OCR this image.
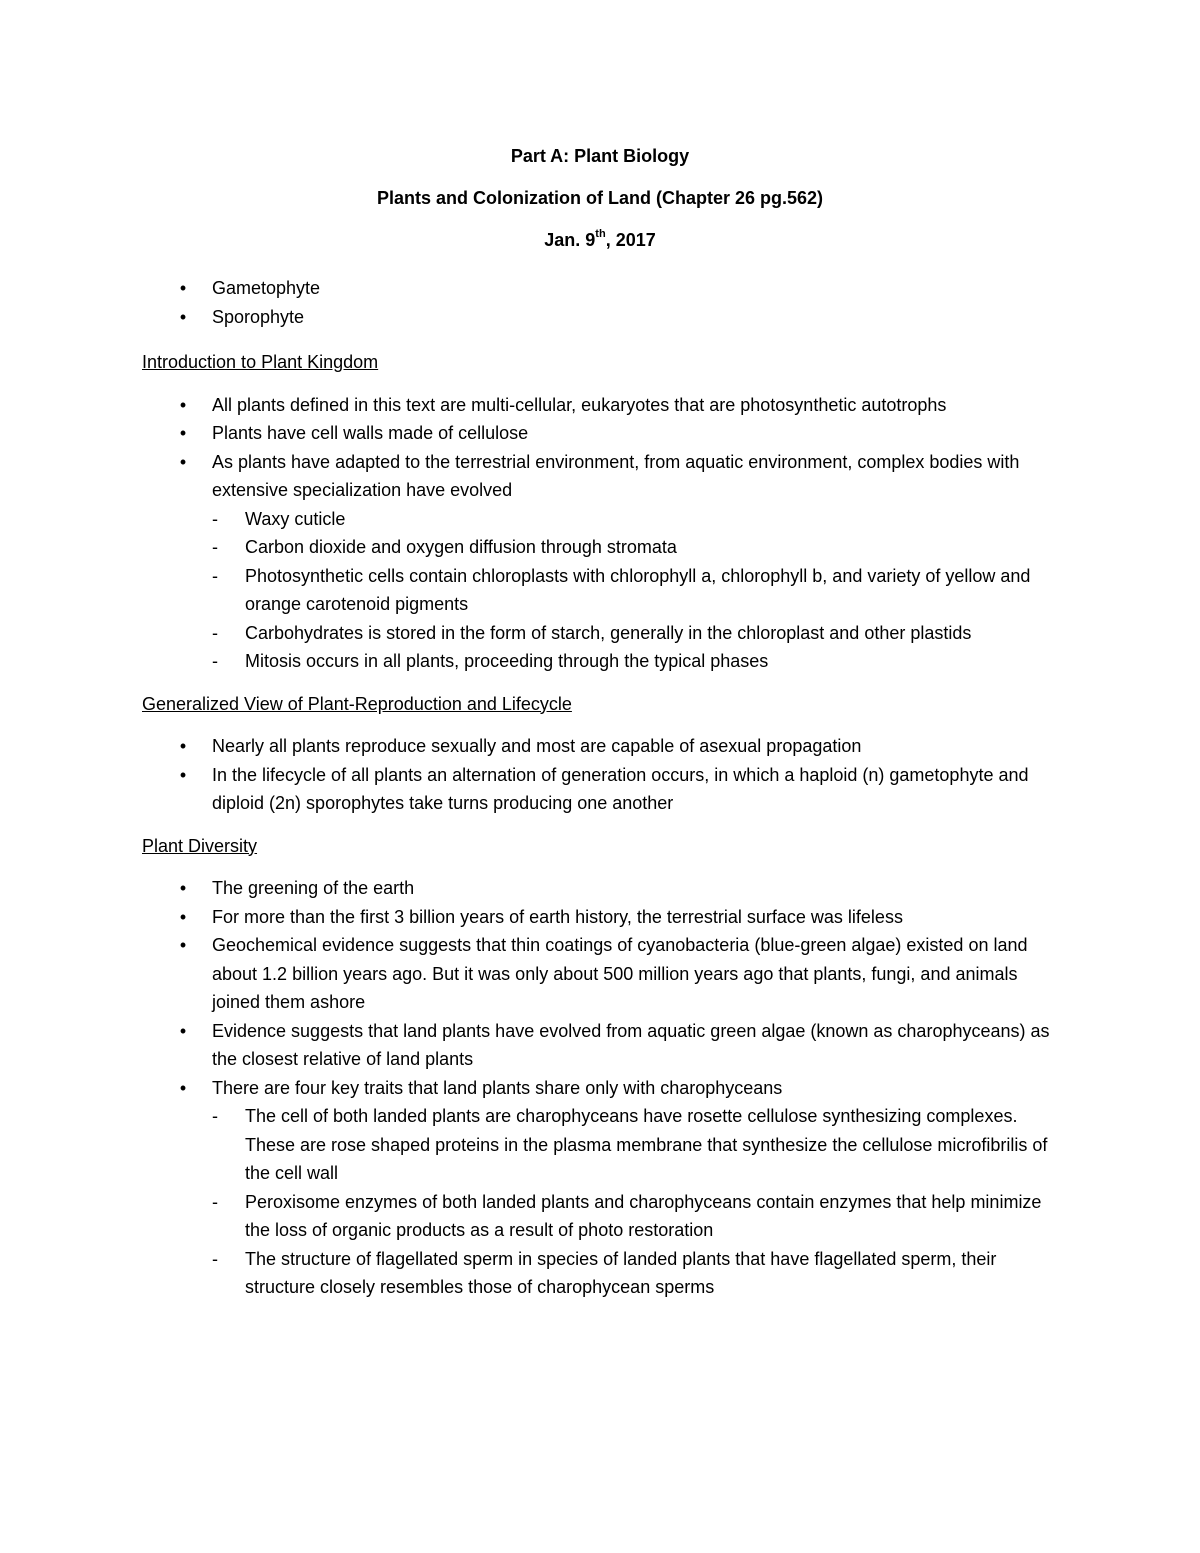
Part A: Plant Biology
Plants and Colonization of Land (Chapter 26 pg.562)
Jan. 9th, 2017
• Gametophyte
• Sporophyte
Introduction to Plant Kingdom
• All plants defined in this text are multi-cellular, eukaryotes that are photosynthetic autotrophs
• Plants have cell walls made of cellulose
• As plants have adapted to the terrestrial environment, from aquatic environment, complex bodies with extensive specialization have evolved
- Waxy cuticle
- Carbon dioxide and oxygen diffusion through stromata
- Photosynthetic cells contain chloroplasts with chlorophyll a, chlorophyll b, and variety of yellow and orange carotenoid pigments
- Carbohydrates is stored in the form of starch, generally in the chloroplast and other plastids
- Mitosis occurs in all plants, proceeding through the typical phases
Generalized View of Plant-Reproduction and Lifecycle
• Nearly all plants reproduce sexually and most are capable of asexual propagation
• In the lifecycle of all plants an alternation of generation occurs, in which a haploid (n) gametophyte and diploid (2n) sporophytes take turns producing one another
Plant Diversity
• The greening of the earth
• For more than the first 3 billion years of earth history, the terrestrial surface was lifeless
• Geochemical evidence suggests that thin coatings of cyanobacteria (blue-green algae) existed on land about 1.2 billion years ago. But it was only about 500 million years ago that plants, fungi, and animals joined them ashore
• Evidence suggests that land plants have evolved from aquatic green algae (known as charophyceans) as the closest relative of land plants
• There are four key traits that land plants share only with charophyceans
- The cell of both landed plants are charophyceans have rosette cellulose synthesizing complexes. These are rose shaped proteins in the plasma membrane that synthesize the cellulose microfibrilis of the cell wall
- Peroxisome enzymes of both landed plants and charophyceans contain enzymes that help minimize the loss of organic products as a result of photo restoration
- The structure of flagellated sperm in species of landed plants that have flagellated sperm, their structure closely resembles those of charophycean sperms
